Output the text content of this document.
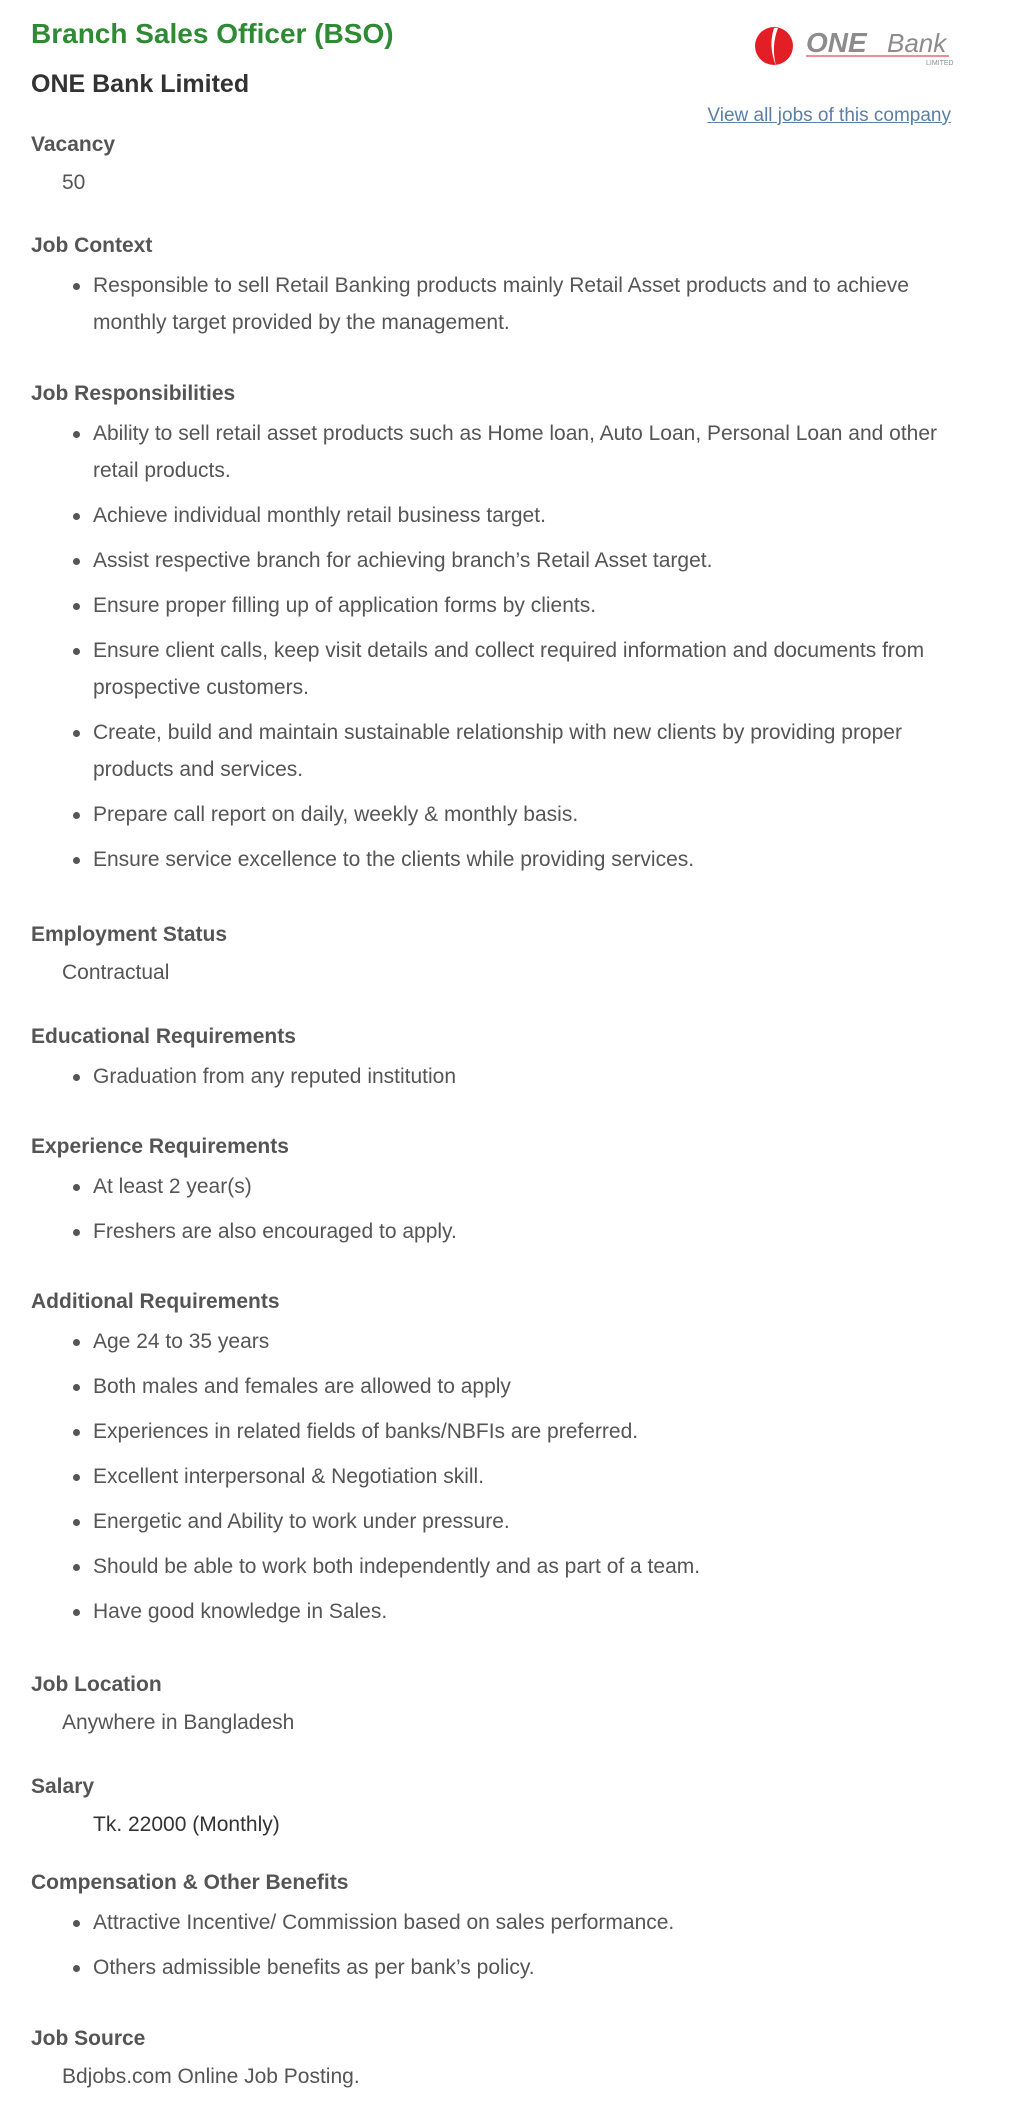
Branch Sales Officer (BSO)
ONE Bank Limited
ONE Bank
LIMITED
View all jobs of this company
Vacancy

50

Job Context
Responsible to sell Retail Banking products mainly Retail Asset products and to achieve monthly target provided by the management.
Job Responsibilities
Ability to sell retail asset products such as Home loan, Auto Loan, Personal Loan and other retail products.
Achieve individual monthly retail business target.
Assist respective branch for achieving branch’s Retail Asset target.
Ensure proper filling up of application forms by clients.
Ensure client calls, keep visit details and collect required information and documents from prospective customers.
Create, build and maintain sustainable relationship with new clients by providing proper products and services.
Prepare call report on daily, weekly & monthly basis.
Ensure service excellence to the clients while providing services.
Employment Status

Contractual

Educational Requirements
Graduation from any reputed institution
Experience Requirements
At least 2 year(s)
Freshers are also encouraged to apply.
Additional Requirements
Age 24 to 35 years
Both males and females are allowed to apply
Experiences in related fields of banks/NBFIs are preferred.
Excellent interpersonal & Negotiation skill.
Energetic and Ability to work under pressure.
Should be able to work both independently and as part of a team.
Have good knowledge in Sales.
Job Location

Anywhere in Bangladesh

Salary

Tk. 22000 (Monthly)

Compensation & Other Benefits
Attractive Incentive/ Commission based on sales performance.
Others admissible benefits as per bank’s policy.
Job Source

Bdjobs.com Online Job Posting.
